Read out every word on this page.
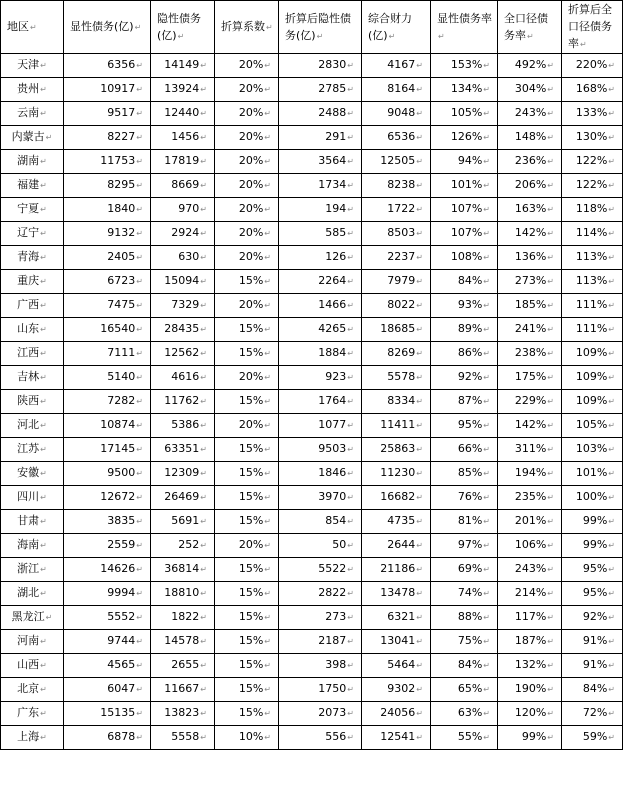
地区↵	显性债务(亿)↵	隐性债务(亿)↵	折算系数↵	折算后隐性债务(亿)↵	综合财力(亿)↵	显性债务率↵	全口径债务率↵	折算后全口径债务率↵
天津↵	6356↵	14149↵	20%↵	2830↵	4167↵	153%↵	492%↵	220%↵
贵州↵	10917↵	13924↵	20%↵	2785↵	8164↵	134%↵	304%↵	168%↵
云南↵	9517↵	12440↵	20%↵	2488↵	9048↵	105%↵	243%↵	133%↵
内蒙古↵	8227↵	1456↵	20%↵	291↵	6536↵	126%↵	148%↵	130%↵
湖南↵	11753↵	17819↵	20%↵	3564↵	12505↵	94%↵	236%↵	122%↵
福建↵	8295↵	8669↵	20%↵	1734↵	8238↵	101%↵	206%↵	122%↵
宁夏↵	1840↵	970↵	20%↵	194↵	1722↵	107%↵	163%↵	118%↵
辽宁↵	9132↵	2924↵	20%↵	585↵	8503↵	107%↵	142%↵	114%↵
青海↵	2405↵	630↵	20%↵	126↵	2237↵	108%↵	136%↵	113%↵
重庆↵	6723↵	15094↵	15%↵	2264↵	7979↵	84%↵	273%↵	113%↵
广西↵	7475↵	7329↵	20%↵	1466↵	8022↵	93%↵	185%↵	111%↵
山东↵	16540↵	28435↵	15%↵	4265↵	18685↵	89%↵	241%↵	111%↵
江西↵	7111↵	12562↵	15%↵	1884↵	8269↵	86%↵	238%↵	109%↵
吉林↵	5140↵	4616↵	20%↵	923↵	5578↵	92%↵	175%↵	109%↵
陕西↵	7282↵	11762↵	15%↵	1764↵	8334↵	87%↵	229%↵	109%↵
河北↵	10874↵	5386↵	20%↵	1077↵	11411↵	95%↵	142%↵	105%↵
江苏↵	17145↵	63351↵	15%↵	9503↵	25863↵	66%↵	311%↵	103%↵
安徽↵	9500↵	12309↵	15%↵	1846↵	11230↵	85%↵	194%↵	101%↵
四川↵	12672↵	26469↵	15%↵	3970↵	16682↵	76%↵	235%↵	100%↵
甘肃↵	3835↵	5691↵	15%↵	854↵	4735↵	81%↵	201%↵	99%↵
海南↵	2559↵	252↵	20%↵	50↵	2644↵	97%↵	106%↵	99%↵
浙江↵	14626↵	36814↵	15%↵	5522↵	21186↵	69%↵	243%↵	95%↵
湖北↵	9994↵	18810↵	15%↵	2822↵	13478↵	74%↵	214%↵	95%↵
黑龙江↵	5552↵	1822↵	15%↵	273↵	6321↵	88%↵	117%↵	92%↵
河南↵	9744↵	14578↵	15%↵	2187↵	13041↵	75%↵	187%↵	91%↵
山西↵	4565↵	2655↵	15%↵	398↵	5464↵	84%↵	132%↵	91%↵
北京↵	6047↵	11667↵	15%↵	1750↵	9302↵	65%↵	190%↵	84%↵
广东↵	15135↵	13823↵	15%↵	2073↵	24056↵	63%↵	120%↵	72%↵
上海↵	6878↵	5558↵	10%↵	556↵	12541↵	55%↵	99%↵	59%↵
